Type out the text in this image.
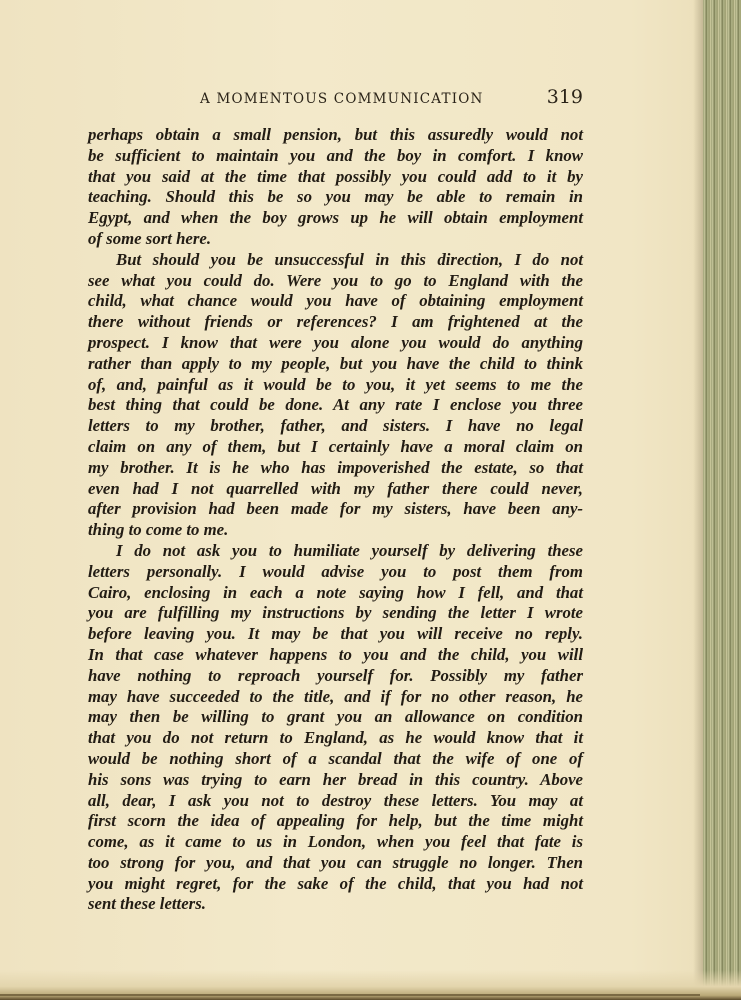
A MOMENTOUS COMMUNICATION	319
perhaps obtain a small pension, but this assuredly would not
be sufficient to maintain you and the boy in comfort. I know
that you said at the time that possibly you could add to it by
teaching. Should this be so you may be able to remain in
Egypt, and when the boy grows up he will obtain employment
of some sort here.
But should you be unsuccessful in this direction, I do not
see what you could do. Were you to go to England with the
child, what chance would you have of obtaining employment
there without friends or references? I am frightened at the
prospect. I know that were you alone you would do anything
rather than apply to my people, but you have the child to think
of, and, painful as it would be to you, it yet seems to me the
best thing that could be done. At any rate I enclose you three
letters to my brother, father, and sisters. I have no legal
claim on any of them, but I certainly have a moral claim on
my brother. It is he who has impoverished the estate, so that
even had I not quarrelled with my father there could never,
after provision had been made for my sisters, have been any-
thing to come to me.
I do not ask you to humiliate yourself by delivering these
letters personally. I would advise you to post them from
Cairo, enclosing in each a note saying how I fell, and that
you are fulfilling my instructions by sending the letter I wrote
before leaving you. It may be that you will receive no reply.
In that case whatever happens to you and the child, you will
have nothing to reproach yourself for. Possibly my father
may have succeeded to the title, and if for no other reason, he
may then be willing to grant you an allowance on condition
that you do not return to England, as he would know that it
would be nothing short of a scandal that the wife of one of
his sons was trying to earn her bread in this country. Above
all, dear, I ask you not to destroy these letters. You may at
first scorn the idea of appealing for help, but the time might
come, as it came to us in London, when you feel that fate is
too strong for you, and that you can struggle no longer. Then
you might regret, for the sake of the child, that you had not
sent these letters.
